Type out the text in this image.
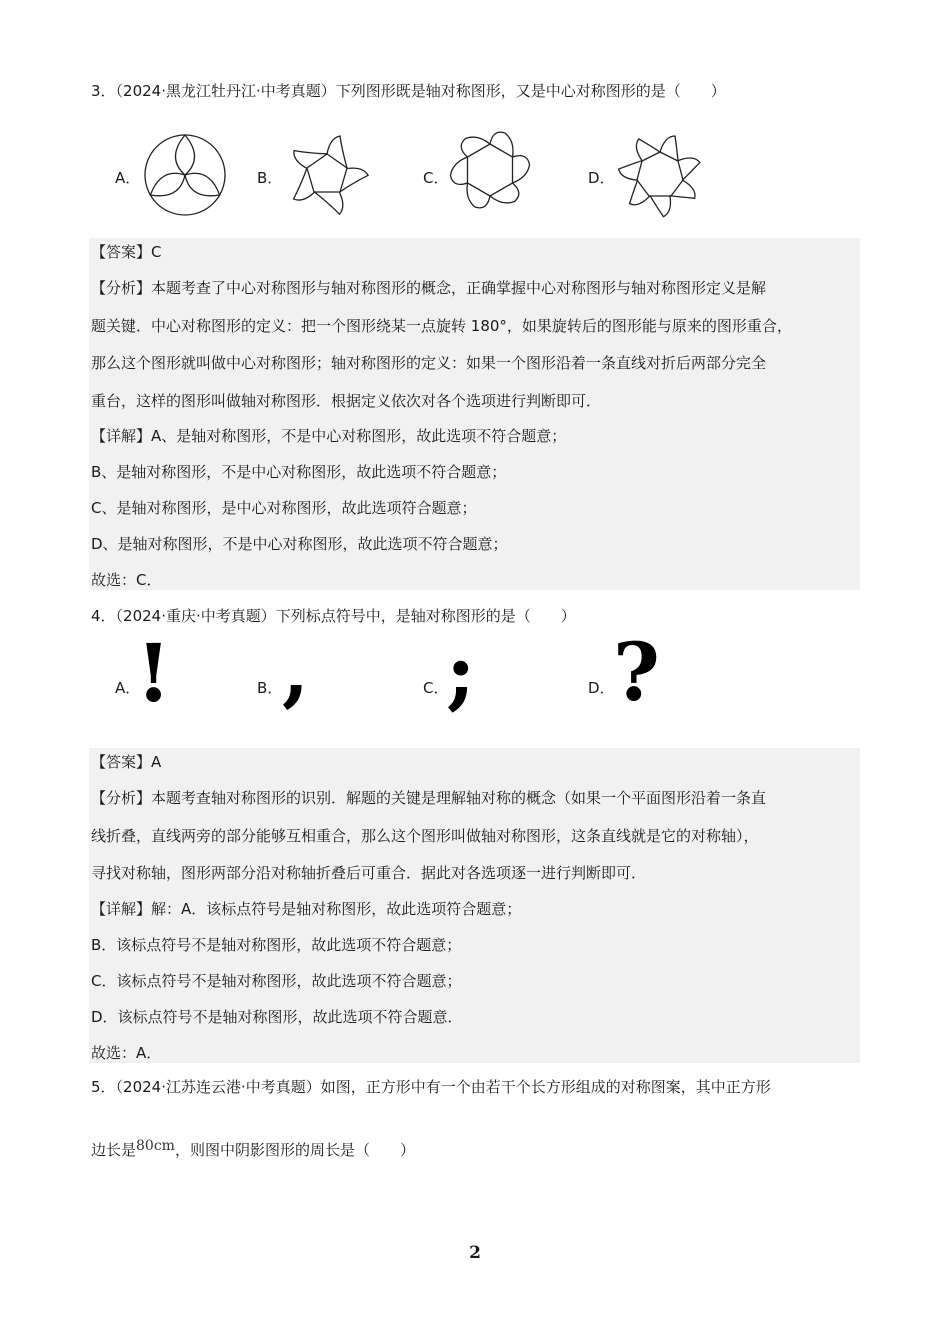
3．（2024·黑龙江牡丹江·中考真题）下列图形既是轴对称图形，又是中心对称图形的是（　　）
A．	B．	C．	D．
【答案】C
【分析】本题考查了中心对称图形与轴对称图形的概念，正确掌握中心对称图形与轴对称图形定义是解
题关键．中心对称图形的定义：把一个图形绕某一点旋转 180°，如果旋转后的图形能与原来的图形重合，
那么这个图形就叫做中心对称图形；轴对称图形的定义：如果一个图形沿着一条直线对折后两部分完全
重台，这样的图形叫做轴对称图形．根据定义依次对各个选项进行判断即可．
【详解】A、是轴对称图形，不是中心对称图形，故此选项不符合题意；
B、是轴对称图形，不是中心对称图形，故此选项不符合题意；
C、是轴对称图形，是中心对称图形，故此选项符合题意；
D、是轴对称图形，不是中心对称图形，故此选项不符合题意；
故选：C．
4．（2024·重庆·中考真题）下列标点符号中，是轴对称图形的是（　　）
A．
!	B． ,	C．
;	D．
?
【答案】A
【分析】本题考查轴对称图形的识别．解题的关键是理解轴对称的概念（如果一个平面图形沿着一条直
线折叠，直线两旁的部分能够互相重合，那么这个图形叫做轴对称图形，这条直线就是它的对称轴），
寻找对称轴，图形两部分沿对称轴折叠后可重合．据此对各选项逐一进行判断即可．
【详解】解：A．该标点符号是轴对称图形，故此选项符合题意；
B．该标点符号不是轴对称图形，故此选项不符合题意；
C．该标点符号不是轴对称图形，故此选项不符合题意；
D．该标点符号不是轴对称图形，故此选项不符合题意．
故选：A．
5．（2024·江苏连云港·中考真题）如图，正方形中有一个由若干个长方形组成的对称图案，其中正方形
边长是80cm，则图中阴影图形的周长是（　　）
2
